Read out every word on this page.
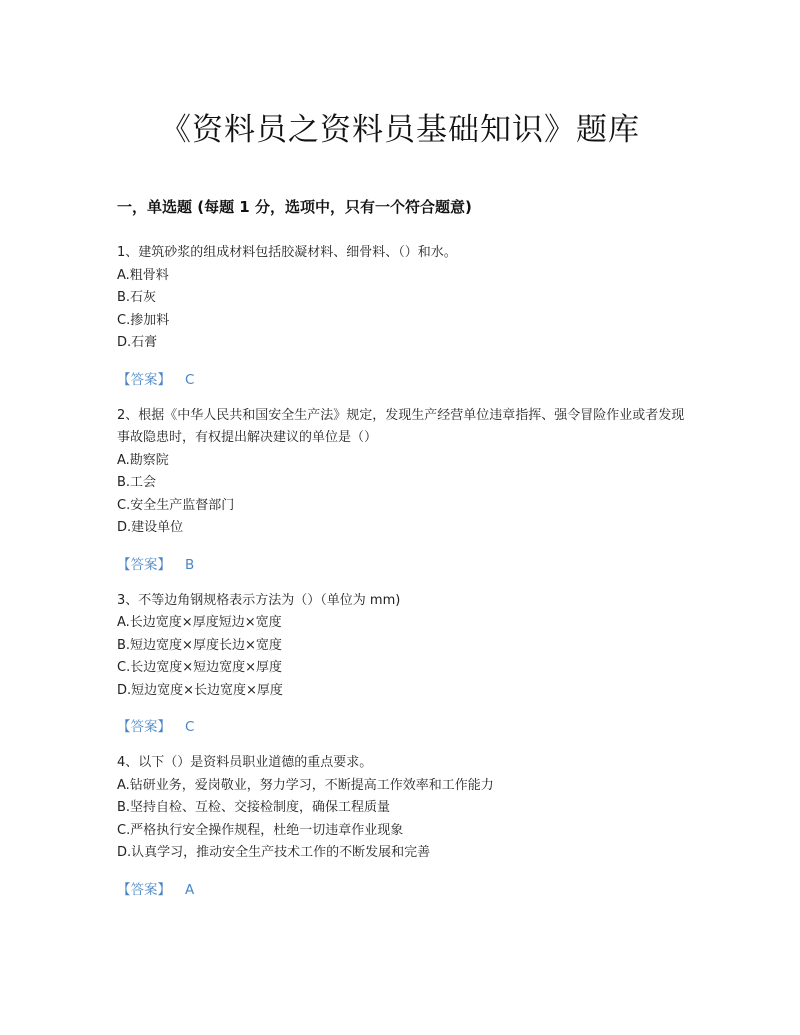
《资料员之资料员基础知识》题库
一，单选题 (每题 1 分，选项中，只有一个符合题意)

1、建筑砂浆的组成材料包括胶凝材料、细骨料、（）和水。

A.粗骨料

B.石灰

C.掺加料

D.石膏

【答案】 C

2、根据《中华人民共和国安全生产法》规定，发现生产经营单位违章指挥、强令冒险作业或者发现事故隐患时，有权提出解决建议的单位是（）

A.勘察院

B.工会

C.安全生产监督部门

D.建设单位

【答案】 B

3、不等边角钢规格表示方法为（）（单位为 mm)

A.长边宽度×厚度短边×宽度

B.短边宽度×厚度长边×宽度

C.长边宽度×短边宽度×厚度

D.短边宽度×长边宽度×厚度

【答案】 C

4、以下（）是资料员职业道德的重点要求。

A.钻研业务，爱岗敬业，努力学习，不断提高工作效率和工作能力

B.坚持自检、互检、交接检制度，确保工程质量

C.严格执行安全操作规程，杜绝一切违章作业现象

D.认真学习，推动安全生产技术工作的不断发展和完善

【答案】 A
